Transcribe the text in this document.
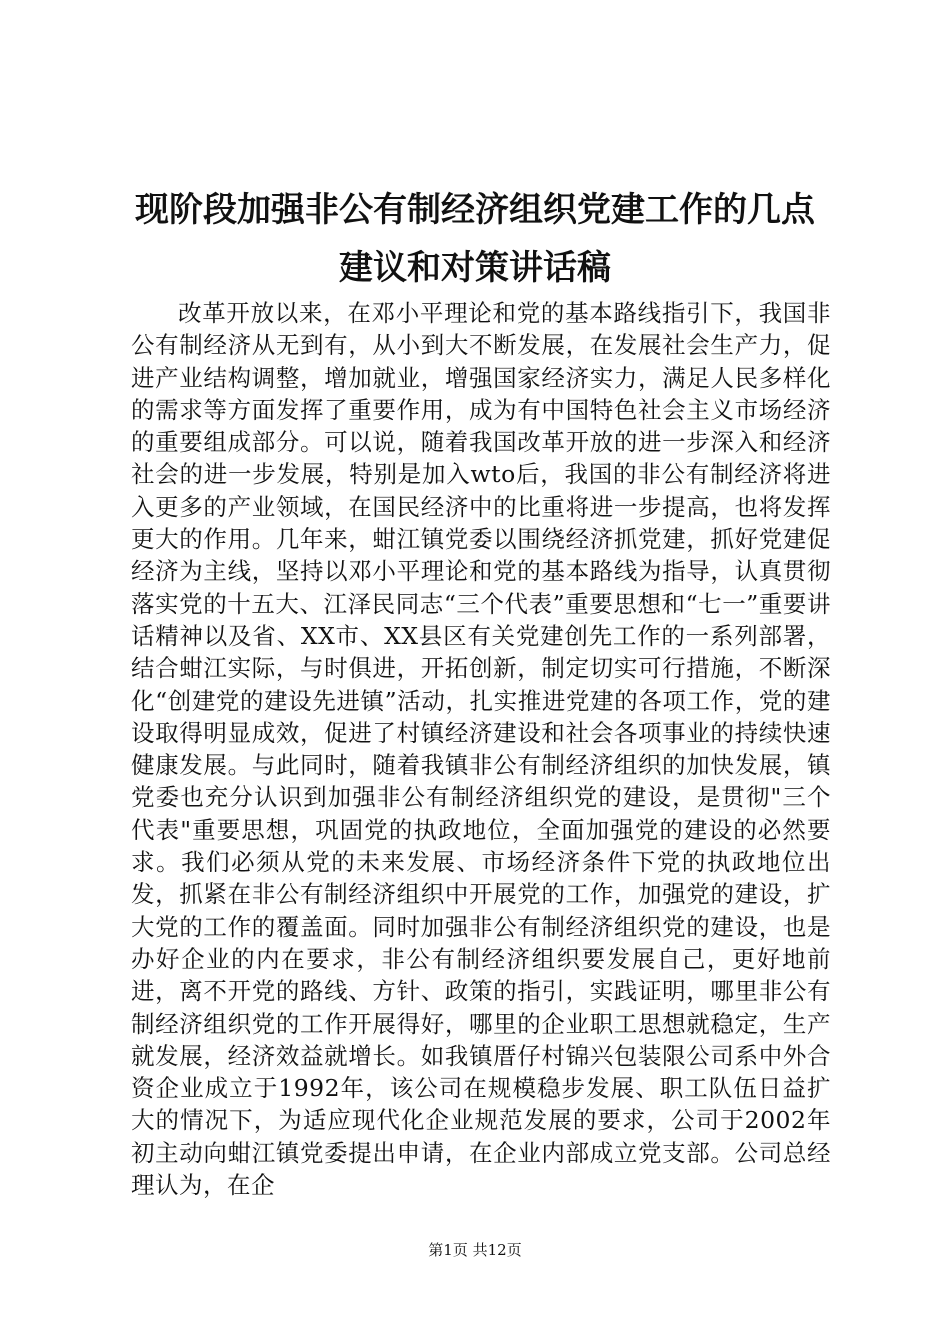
现阶段加强非公有制经济组织党建工作的几点
建议和对策讲话稿

改革开放以来，在邓小平理论和党的基本路线指引下，我国非公有制经济从无到有，从小到大不断发展，在发展社会生产力，促进产业结构调整，增加就业，增强国家经济实力，满足人民多样化的需求等方面发挥了重要作用，成为有中国特色社会主义市场经济的重要组成部分。可以说，随着我国改革开放的进一步深入和经济社会的进一步发展，特别是加入wto后，我国的非公有制经济将进入更多的产业领域，在国民经济中的比重将进一步提高，也将发挥更大的作用。几年来，蚶江镇党委以围绕经济抓党建，抓好党建促经济为主线，坚持以邓小平理论和党的基本路线为指导，认真贯彻落实党的十五大、江泽民同志“三个代表”重要思想和“七一”重要讲话精神以及省、XX市、XX县区有关党建创先工作的一系列部署，结合蚶江实际，与时俱进，开拓创新，制定切实可行措施，不断深化“创建党的建设先进镇”活动，扎实推进党建的各项工作，党的建设取得明显成效，促进了村镇经济建设和社会各项事业的持续快速健康发展。与此同时，随着我镇非公有制经济组织的加快发展，镇党委也充分认识到加强非公有制经济组织党的建设，是贯彻"三个代表"重要思想，巩固党的执政地位，全面加强党的建设的必然要求。我们必须从党的未来发展、市场经济条件下党的执政地位出发，抓紧在非公有制经济组织中开展党的工作，加强党的建设，扩大党的工作的覆盖面。同时加强非公有制经济组织党的建设，也是办好企业的内在要求，非公有制经济组织要发展自己，更好地前进，离不开党的路线、方针、政策的指引，实践证明，哪里非公有制经济组织党的工作开展得好，哪里的企业职工思想就稳定，生产就发展，经济效益就增长。如我镇厝仔村锦兴包装限公司系中外合资企业成立于1992年，该公司在规模稳步发展、职工队伍日益扩大的情况下，为适应现代化企业规范发展的要求，公司于2002年初主动向蚶江镇党委提出申请，在企业内部成立党支部。公司总经理认为，在企

第1页 共12页
